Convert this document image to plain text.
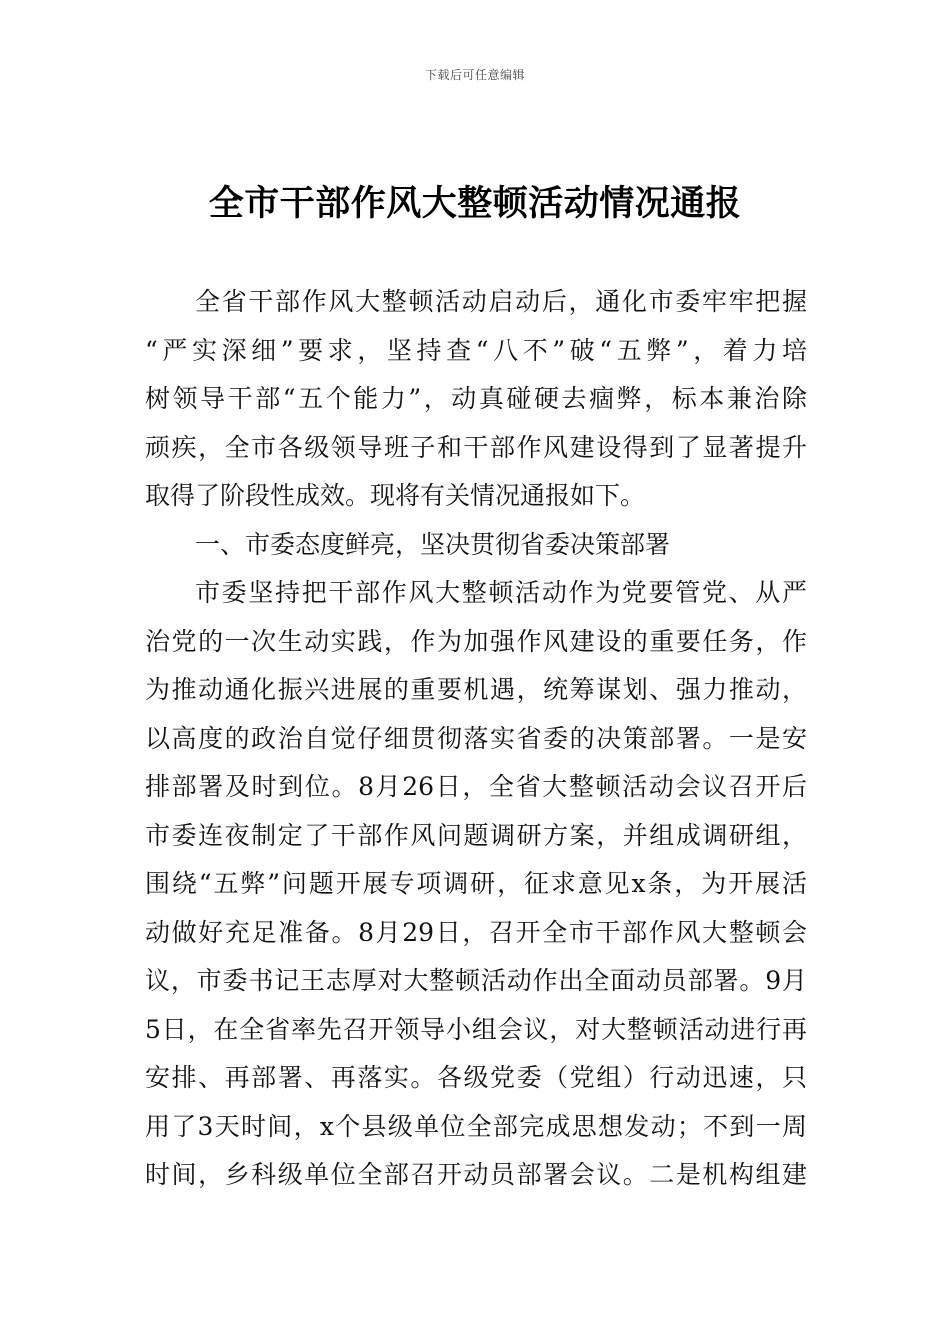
下载后可任意编辑
全市干部作风大整顿活动情况通报
全省干部作风大整顿活动启动后，通化市委牢牢把握
“严实深细”要求，坚持查“八不”破“五弊”，着力培
树领导干部“五个能力”，动真碰硬去痼弊，标本兼治除
顽疾，全市各级领导班子和干部作风建设得到了显著提升
取得了阶段性成效。现将有关情况通报如下。
一、市委态度鲜亮，坚决贯彻省委决策部署
市委坚持把干部作风大整顿活动作为党要管党、从严
治党的一次生动实践，作为加强作风建设的重要任务，作
为推动通化振兴进展的重要机遇，统筹谋划、强力推动，
以高度的政治自觉仔细贯彻落实省委的决策部署。一是安
排部署及时到位。8月26日，全省大整顿活动会议召开后
市委连夜制定了干部作风问题调研方案，并组成调研组，
围绕“五弊”问题开展专项调研，征求意见x条，为开展活
动做好充足准备。8月29日，召开全市干部作风大整顿会
议，市委书记王志厚对大整顿活动作出全面动员部署。9月
5日，在全省率先召开领导小组会议，对大整顿活动进行再
安排、再部署、再落实。各级党委（党组）行动迅速，只
用了3天时间，x个县级单位全部完成思想发动；不到一周
时间，乡科级单位全部召开动员部署会议。二是机构组建
